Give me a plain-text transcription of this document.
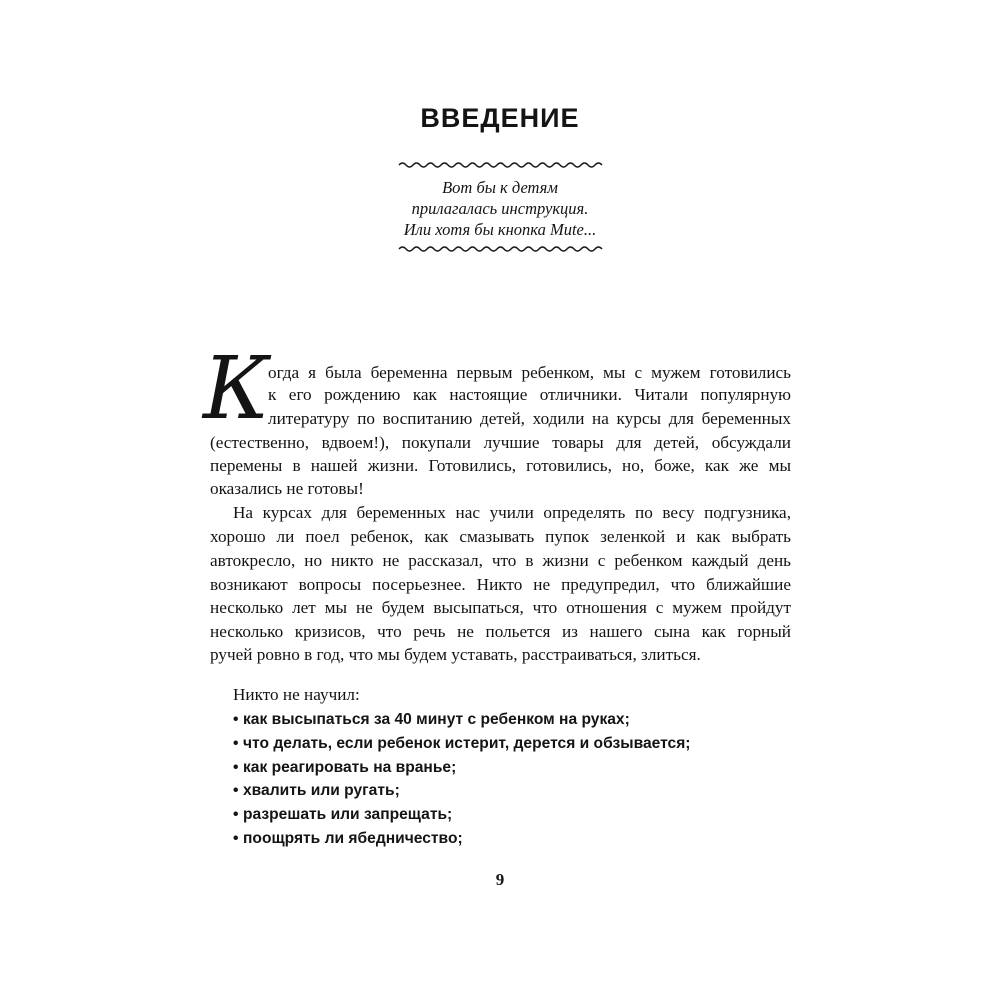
ВВЕДЕНИЕ
Вот бы к детям
прилагалась инструкция.
Или хотя бы кнопка Mute...
К
огда я была беременна первым ребенком, мы с мужем готовились
к его рождению как настоящие отличники. Читали популярную
литературу по воспитанию детей, ходили на курсы для беременных
(естественно, вдвоем!), покупали лучшие товары для детей, обсуждали
перемены в нашей жизни. Готовились, готовились, но, боже, как же мы
оказались не готовы!
На курсах для беременных нас учили определять по весу подгузника,
хорошо ли поел ребенок, как смазывать пупок зеленкой и как выбрать
автокресло, но никто не рассказал, что в жизни с ребенком каждый день
возникают вопросы посерьезнее. Никто не предупредил, что ближайшие
несколько лет мы не будем высыпаться, что отношения с мужем пройдут
несколько кризисов, что речь не польется из нашего сына как горный
ручей ровно в год, что мы будем уставать, расстраиваться, злиться.
Никто не научил:
• как высыпаться за 40 минут с ребенком на руках;
• что делать, если ребенок истерит, дерется и обзывается;
• как реагировать на вранье;
• хвалить или ругать;
• разрешать или запрещать;
• поощрять ли ябедничество;
9
